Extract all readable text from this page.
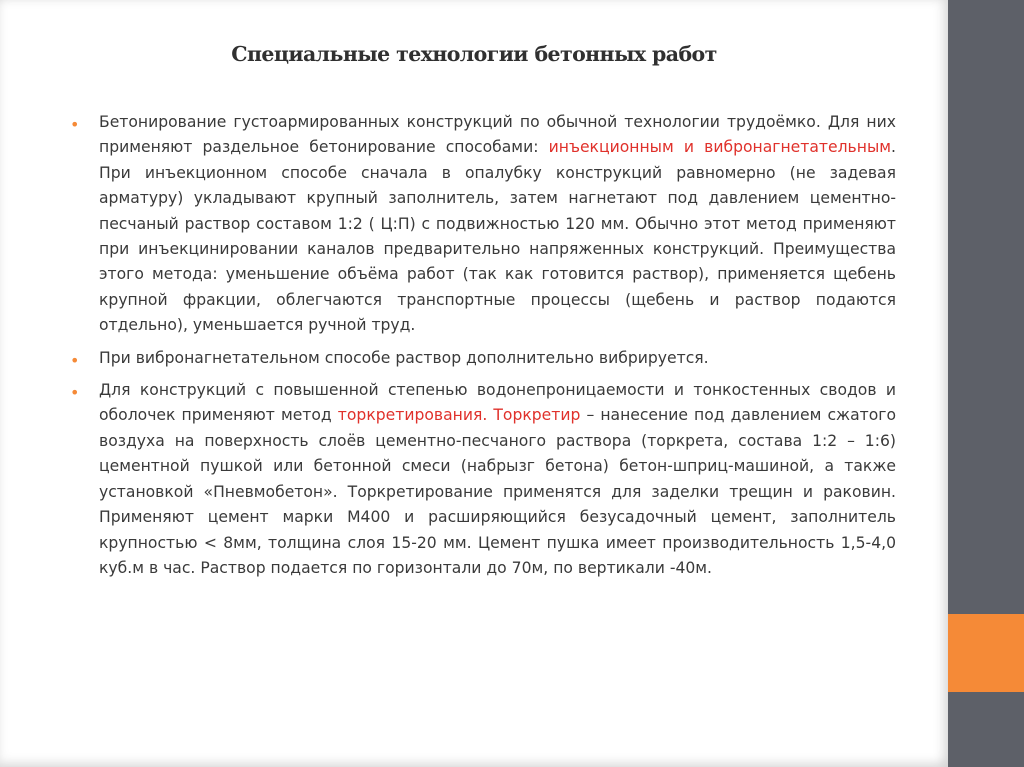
Специальные технологии бетонных работ
• Бетонирование густоармированных конструкций по обычной технологии трудоёмко. Для них применяют раздельное бетонирование способами: инъекционным и вибронагнетательным. При инъекционном способе сначала в опалубку конструкций равномерно (не задевая арматуру) укладывают крупный заполнитель, затем нагнетают под давлением цементно-песчаный раствор составом 1:2 ( Ц:П) с подвижностью 120 мм. Обычно этот метод применяют при инъекцинировании каналов предварительно напряженных конструкций. Преимущества этого метода: уменьшение объёма работ (так как готовится раствор), применяется щебень крупной фракции, облегчаются транспортные процессы (щебень и раствор подаются отдельно), уменьшается ручной труд.
• При вибронагнетательном способе раствор дополнительно вибрируется.
• Для конструкций с повышенной степенью водонепроницаемости и тонкостенных сводов и оболочек применяют метод торкретирования. Торкретир – нанесение под давлением сжатого воздуха на поверхность слоёв цементно-песчаного раствора (торкрета, состава 1:2 – 1:6) цементной пушкой или бетонной смеси (набрызг бетона) бетон-шприц-машиной, а также установкой «Пневмобетон». Торкретирование применятся для заделки трещин и раковин. Применяют цемент марки М400 и расширяющийся безусадочный цемент, заполнитель крупностью < 8мм, толщина слоя 15-20 мм. Цемент пушка имеет производительность 1,5-4,0 куб.м в час. Раствор подается по горизонтали до 70м, по вертикали -40м.
